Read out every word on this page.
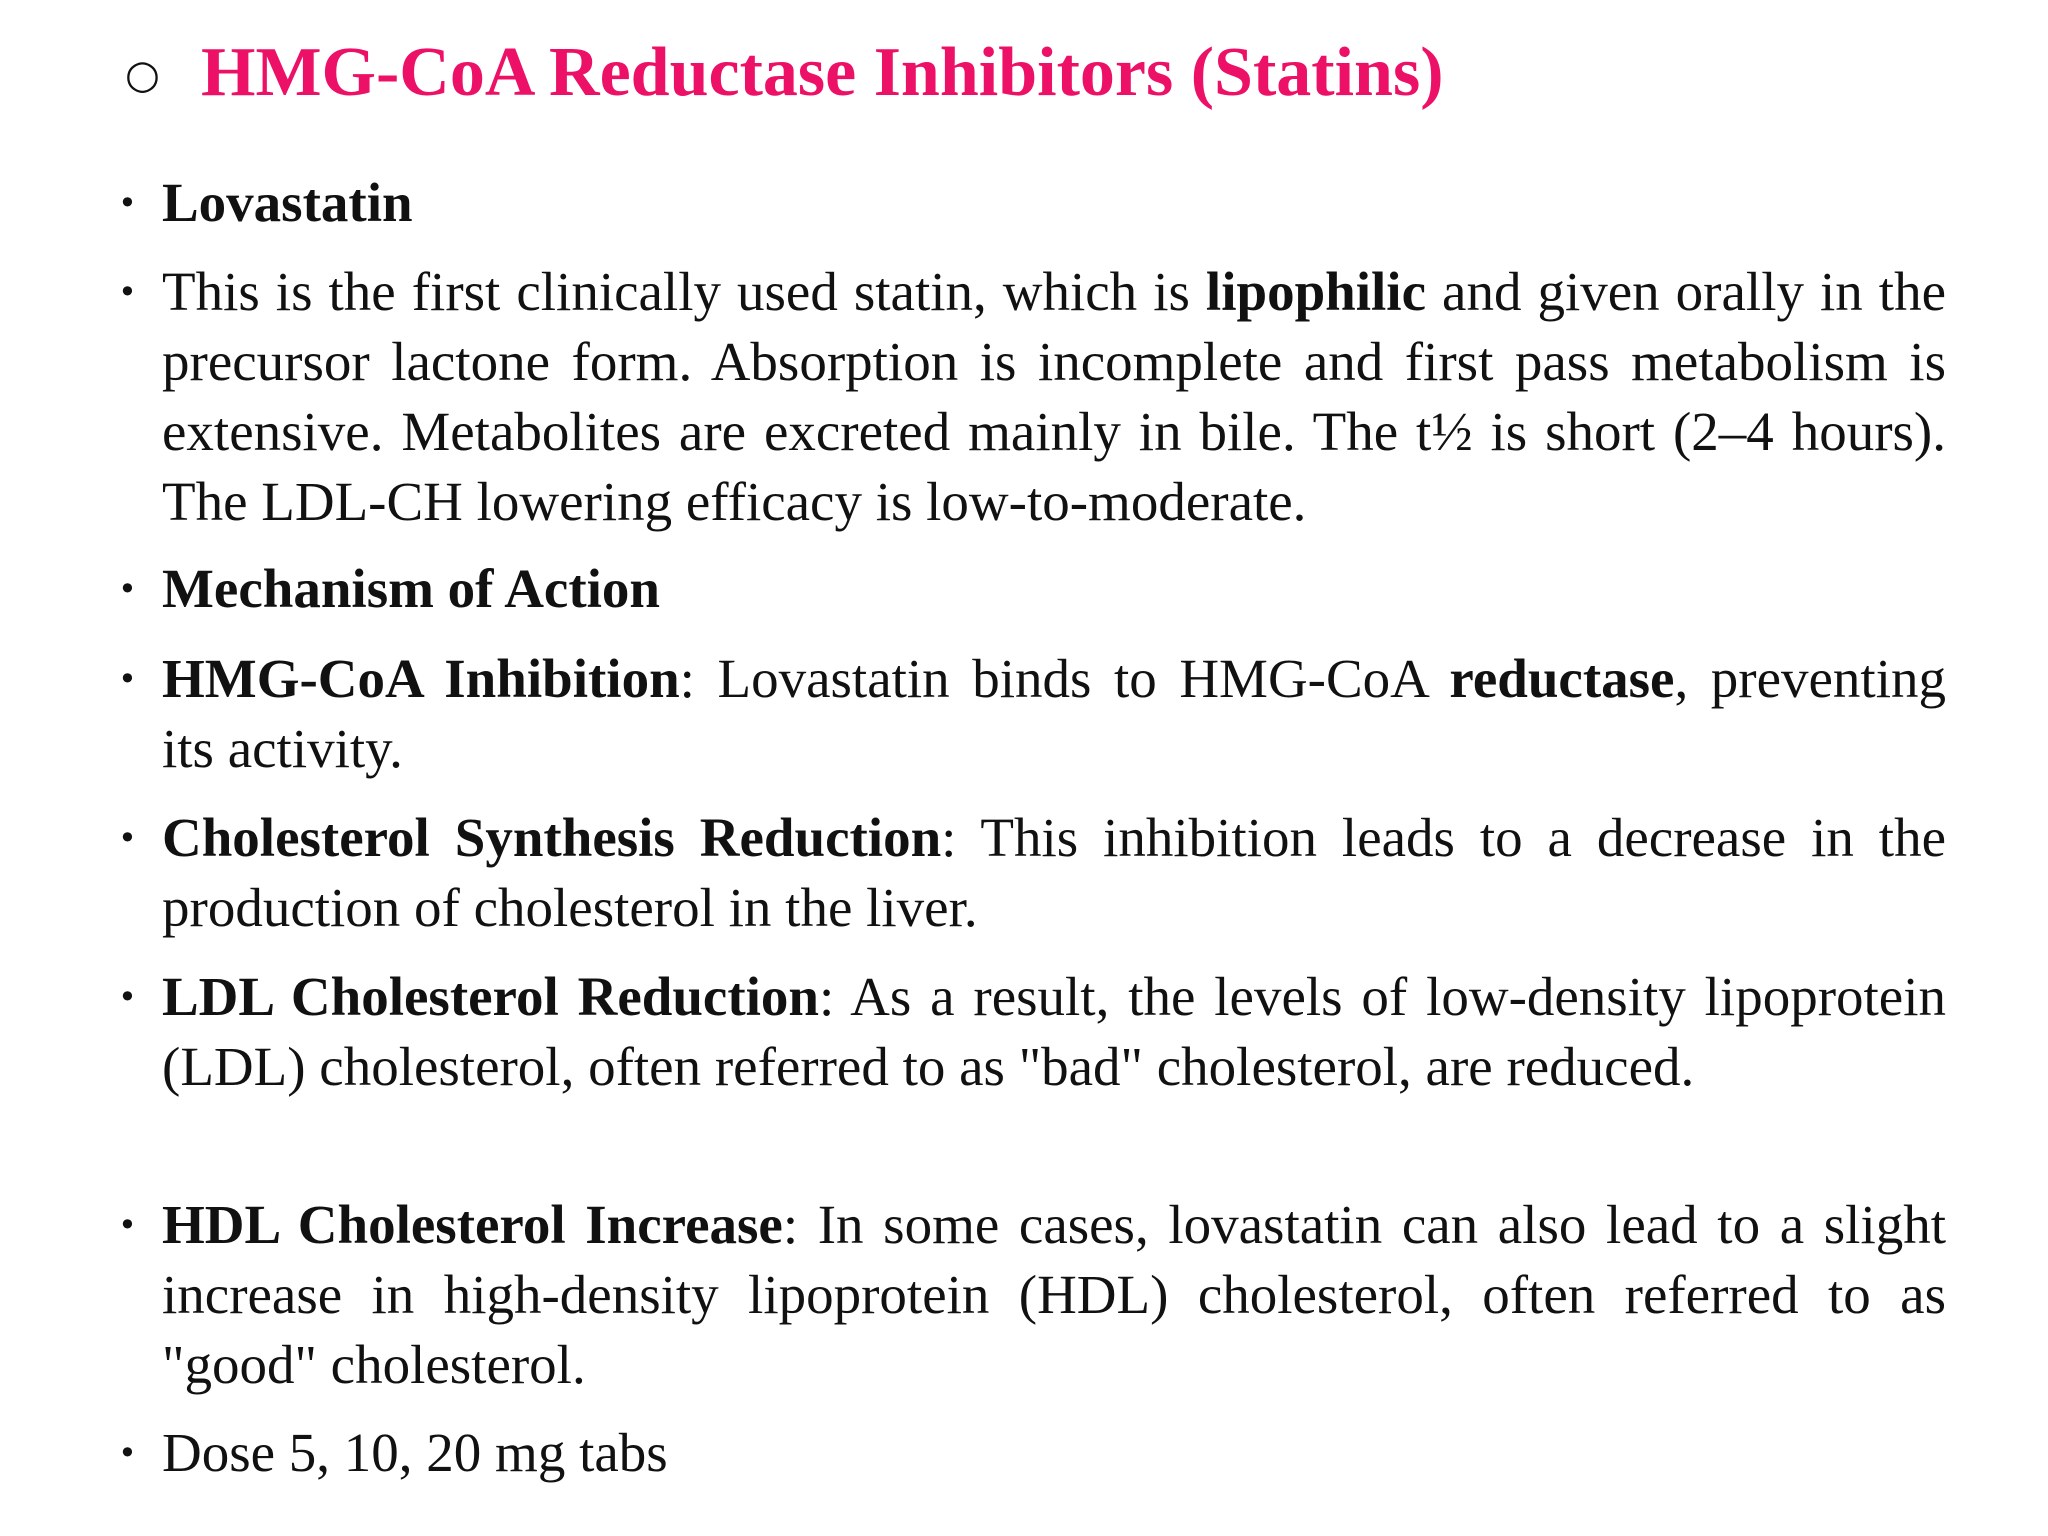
○ HMG-CoA Reductase Inhibitors (Statins)
• Lovastatin
• This is the first clinically used statin, which is lipophilic and given orally in the precursor lactone form. Absorption is incomplete and first pass metabolism is extensive. Metabolites are excreted mainly in bile. The t½ is short (2–4 hours). The LDL-CH lowering efficacy is low-to-moderate.
• Mechanism of Action
• HMG-CoA Inhibition: Lovastatin binds to HMG-CoA reductase, preventing its activity.
• Cholesterol Synthesis Reduction: This inhibition leads to a decrease in the production of cholesterol in the liver.
• LDL Cholesterol Reduction: As a result, the levels of low-density lipoprotein (LDL) cholesterol, often referred to as "bad" cholesterol, are reduced.
• HDL Cholesterol Increase: In some cases, lovastatin can also lead to a slight increase in high-density lipoprotein (HDL) cholesterol, often referred to as "good" cholesterol.
• Dose 5, 10, 20 mg tabs
